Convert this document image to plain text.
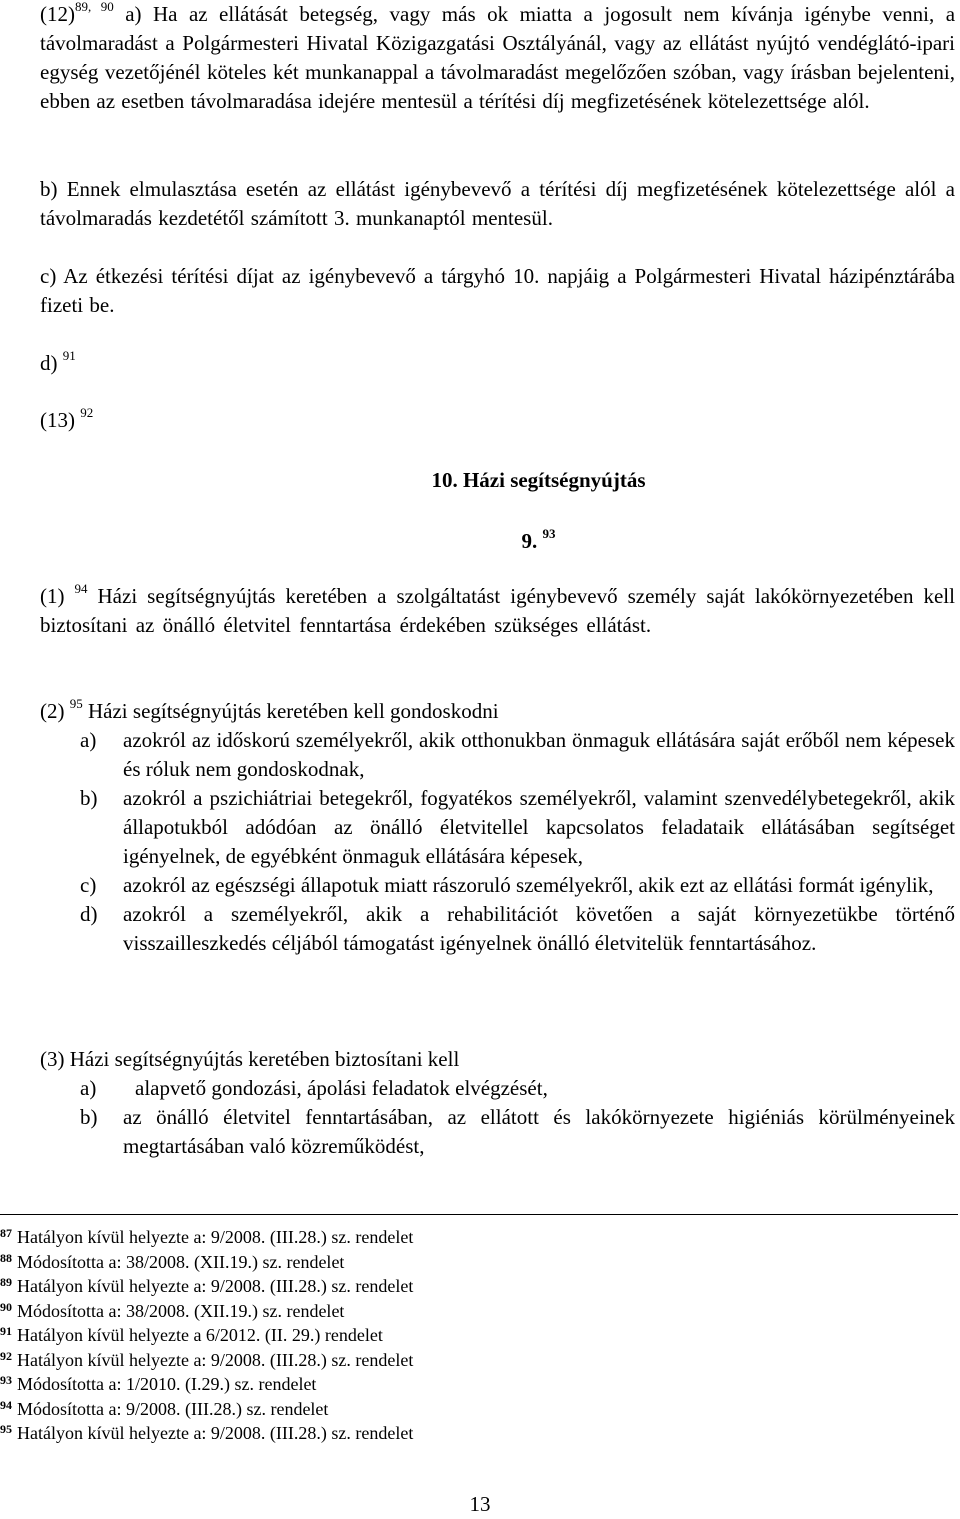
$(12)^{89, 90}$ a) Ha az ellátását betegség, vagy más ok miatta a jogosult nem kívánja igénybe venni, a távolmaradást a Polgármesteri Hivatal Közigazgatási Osztályánál, vagy az ellátást nyújtó vendéglátó-ipari egység vezetőjénél köteles két munkanappal a távolmaradást megelőzően szóban, vagy írásban bejelenteni, ebben az esetben távolmaradása idejére mentesül a térítési díj megfizetésének kötelezettsége alól.

b) Ennek elmulasztása esetén az ellátást igénybevevő a térítési díj megfizetésének kötelezettsége alól a távolmaradás kezdetétől számított 3. munkanaptól mentesül.

c) Az étkezési térítési díjat az igénybevevő a tárgyhó 10. napjáig a Polgármesteri Hivatal házipénztárába fizeti be.

d) $^{91}$

(13) $^{92}$

10. Házi segítségnyújtás
9. $^{93}$

(1) $^{94}$ Házi segítségnyújtás keretében a szolgáltatást igénybevevő személy saját lakókörnyezetében kell biztosítani az önálló életvitel fenntartása érdekében szükséges ellátást.

(2) $^{95}$ Házi segítségnyújtás keretében kell gondoskodni

a) azokról az időskorú személyekről, akik otthonukban önmaguk ellátására saját erőből nem képesek és róluk nem gondoskodnak,

b) azokról a pszichiátriai betegekről, fogyatékos személyekről, valamint szenvedélybetegekről, akik állapotukból adódóan az önálló életvitellel kapcsolatos feladataik ellátásában segítséget igényelnek, de egyébként önmaguk ellátására képesek,

c) azokról az egészségi állapotuk miatt rászoruló személyekről, akik ezt az ellátási formát igénylik,

d) azokról a személyekről, akik a rehabilitációt követően a saját környezetükbe történő visszailleszkedés céljából támogatást igényelnek önálló életvitelük fenntartásához.

(3) Házi segítségnyújtás keretében biztosítani kell

a) alapvető gondozási, ápolási feladatok elvégzését,

b) az önálló életvitel fenntartásában, az ellátott és lakókörnyezete higiéniás körülményeinek megtartásában való közreműködést,

$^{87}$ Hatályon kívül helyezte a: 9/2008. (III.28.) sz. rendelet
$^{88}$ Módosította a: 38/2008. (XII.19.) sz. rendelet
$^{89}$ Hatályon kívül helyezte a: 9/2008. (III.28.) sz. rendelet
$^{90}$ Módosította a: 38/2008. (XII.19.) sz. rendelet
$^{91}$ Hatályon kívül helyezte a 6/2012. (II. 29.) rendelet
$^{92}$ Hatályon kívül helyezte a: 9/2008. (III.28.) sz. rendelet
$^{93}$ Módosította a: 1/2010. (I.29.) sz. rendelet
$^{94}$ Módosította a: 9/2008. (III.28.) sz. rendelet
$^{95}$ Hatályon kívül helyezte a: 9/2008. (III.28.) sz. rendelet
13
